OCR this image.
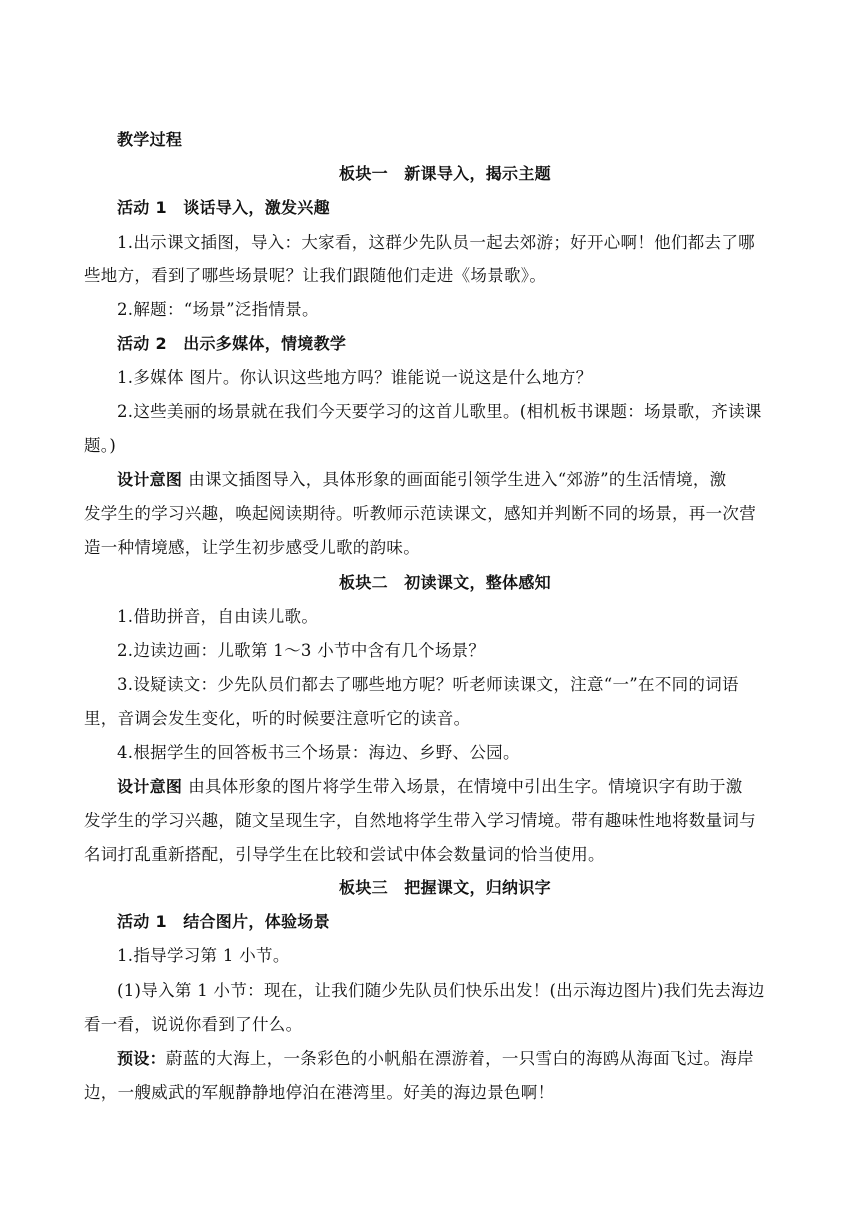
教学过程
板块一　新课导入，揭示主题
活动 1　谈话导入，激发兴趣
1.出示课文插图，导入：大家看，这群少先队员一起去郊游；好开心啊！他们都去了哪
些地方，看到了哪些场景呢？让我们跟随他们走进《场景歌》。
2.解题：“场景”泛指情景。
活动 2　出示多媒体，情境教学
1.多媒体 图片。你认识这些地方吗？谁能说一说这是什么地方？
2.这些美丽的场景就在我们今天要学习的这首儿歌里。(相机板书课题：场景歌，齐读课
题。)
设计意图 由课文插图导入，具体形象的画面能引领学生进入“郊游”的生活情境，激
发学生的学习兴趣，唤起阅读期待。听教师示范读课文，感知并判断不同的场景，再一次营
造一种情境感，让学生初步感受儿歌的韵味。
板块二　初读课文，整体感知
1.借助拼音，自由读儿歌。
2.边读边画：儿歌第 1～3 小节中含有几个场景？
3.设疑读文：少先队员们都去了哪些地方呢？听老师读课文，注意“一”在不同的词语
里，音调会发生变化，听的时候要注意听它的读音。
4.根据学生的回答板书三个场景：海边、乡野、公园。
设计意图 由具体形象的图片将学生带入场景，在情境中引出生字。情境识字有助于激
发学生的学习兴趣，随文呈现生字，自然地将学生带入学习情境。带有趣味性地将数量词与
名词打乱重新搭配，引导学生在比较和尝试中体会数量词的恰当使用。
板块三　把握课文，归纳识字
活动 1　结合图片，体验场景
1.指导学习第 1 小节。
(1)导入第 1 小节：现在，让我们随少先队员们快乐出发！(出示海边图片)我们先去海边
看一看，说说你看到了什么。
预设：蔚蓝的大海上，一条彩色的小帆船在漂游着，一只雪白的海鸥从海面飞过。海岸
边，一艘威武的军舰静静地停泊在港湾里。好美的海边景色啊！
